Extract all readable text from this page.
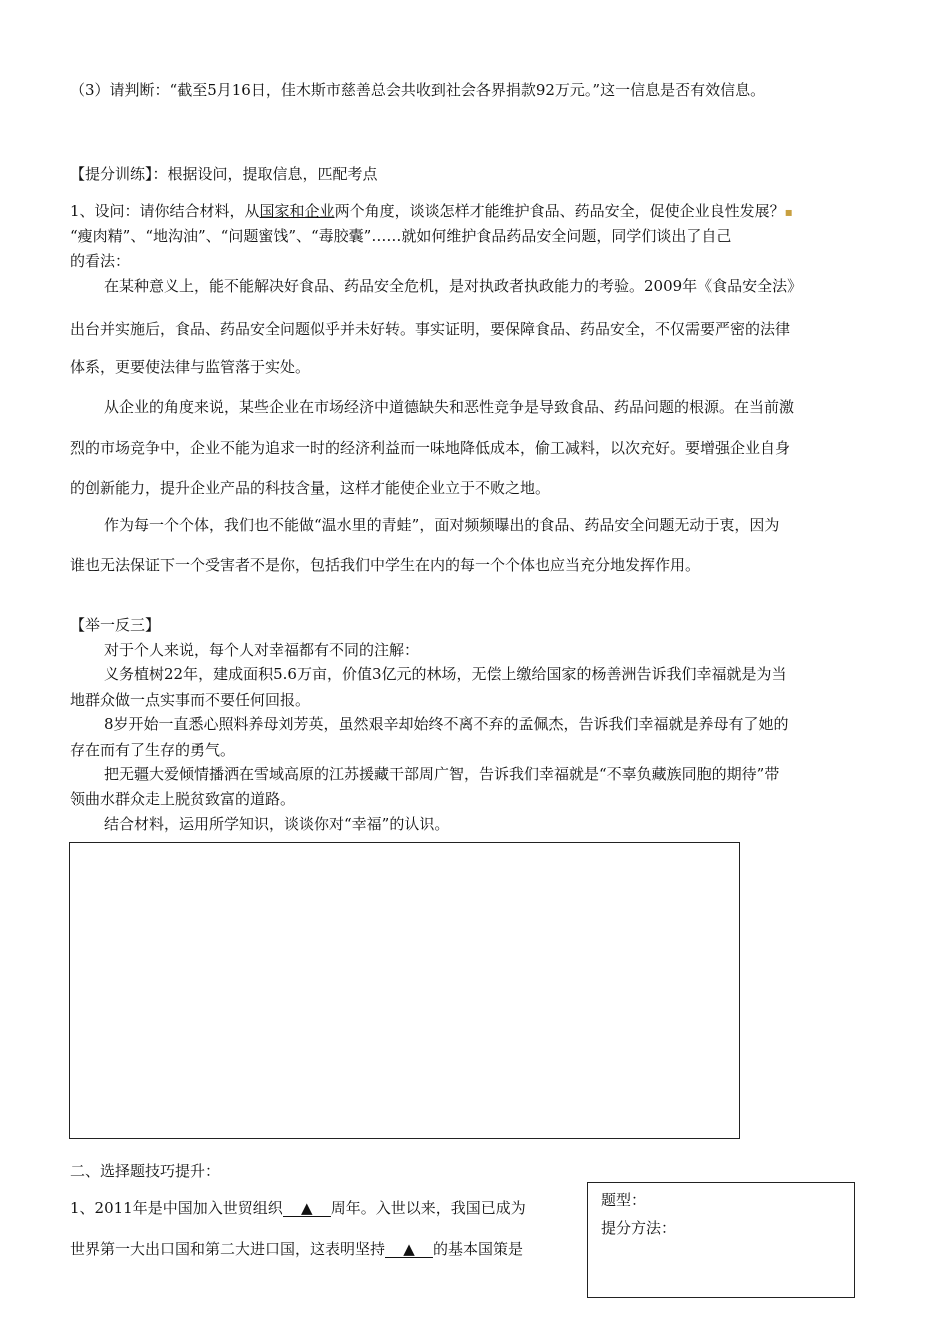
（3）请判断：“截至5月16日，佳木斯市慈善总会共收到社会各界捐款92万元。”这一信息是否有效信息。
【提分训练】：根据设问，提取信息，匹配考点
1、设问：请你结合材料，从国家和企业两个角度，谈谈怎样才能维护食品、药品安全，促使企业良性发展？▪
“瘦肉精”、“地沟油”、“问题蜜饯”、“毒胶囊”……就如何维护食品药品安全问题，同学们谈出了自己
的看法：
在某种意义上，能不能解决好食品、药品安全危机，是对执政者执政能力的考验。2009年《食品安全法》
出台并实施后，食品、药品安全问题似乎并未好转。事实证明，要保障食品、药品安全，不仅需要严密的法律
体系，更要使法律与监管落于实处。
从企业的角度来说，某些企业在市场经济中道德缺失和恶性竞争是导致食品、药品问题的根源。在当前激
烈的市场竞争中，企业不能为追求一时的经济利益而一味地降低成本，偷工减料，以次充好。要增强企业自身
的创新能力，提升企业产品的科技含量，这样才能使企业立于不败之地。
作为每一个个体，我们也不能做“温水里的青蛙”，面对频频曝出的食品、药品安全问题无动于衷，因为
谁也无法保证下一个受害者不是你，包括我们中学生在内的每一个个体也应当充分地发挥作用。
【举一反三】
对于个人来说，每个人对幸福都有不同的注解：
义务植树22年，建成面积5.6万亩，价值3亿元的林场，无偿上缴给国家的杨善洲告诉我们幸福就是为当
地群众做一点实事而不要任何回报。
8岁开始一直悉心照料养母刘芳英，虽然艰辛却始终不离不弃的孟佩杰，告诉我们幸福就是养母有了她的
存在而有了生存的勇气。
把无疆大爱倾情播洒在雪域高原的江苏援藏干部周广智，告诉我们幸福就是“不辜负藏族同胞的期待”带
领曲水群众走上脱贫致富的道路。
结合材料，运用所学知识，谈谈你对“幸福”的认识。
二、选择题技巧提升：
1、2011年是中国加入世贸组织 ▲ 周年。入世以来，我国已成为
世界第一大出口国和第二大进口国，这表明坚持 ▲ 的基本国策是
题型：
提分方法：
